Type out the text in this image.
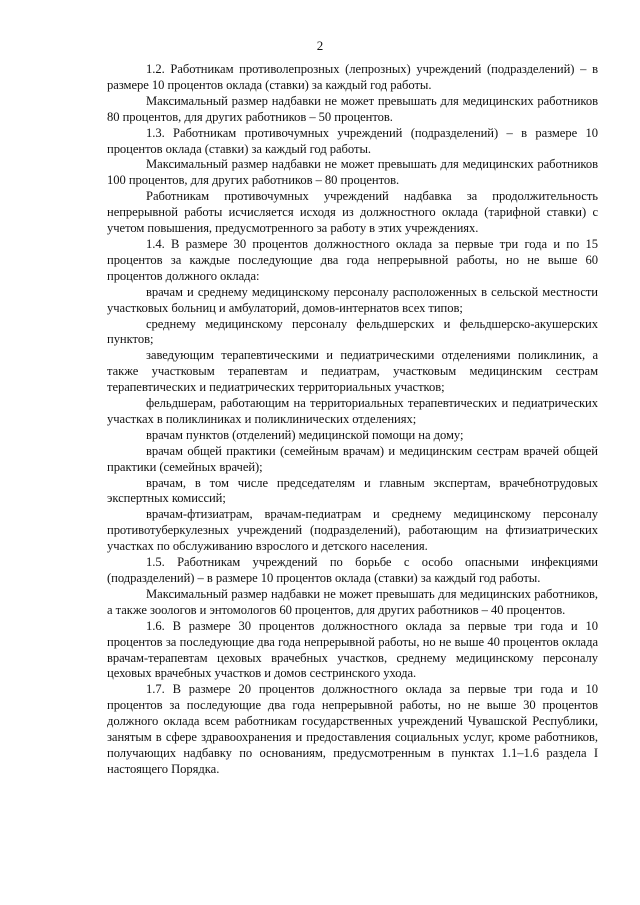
2

1.2. Работникам противолепрозных (лепрозных) учреждений (подразделений) – в размере 10 процентов оклада (ставки) за каждый год работы.

Максимальный размер надбавки не может превышать для медицинских работников 80 процентов, для других работников – 50 процентов.

1.3. Работникам противочумных учреждений (подразделений) – в размере 10 процентов оклада (ставки) за каждый год работы.

Максимальный размер надбавки не может превышать для медицинских работников 100 процентов, для других работников – 80 процентов.

Работникам противочумных учреждений надбавка за продолжительность непрерывной работы исчисляется исходя из должностного оклада (тарифной ставки) с учетом повышения, предусмотренного за работу в этих учреждениях.

1.4. В размере 30 процентов должностного оклада за первые три года и по 15 процентов за каждые последующие два года непрерывной работы, но не выше 60 процентов должного оклада:

врачам и среднему медицинскому персоналу расположенных в сельской местности участковых больниц и амбулаторий, домов-интернатов всех типов;

среднему медицинскому персоналу фельдшерских и фельдшерско-акушерских пунктов;

заведующим терапевтическими и педиатрическими отделениями поликлиник, а также участковым терапевтам и педиатрам, участковым медицинским сестрам терапевтических и педиатрических территориальных участков;

фельдшерам, работающим на территориальных терапевтических и педиатрических участках в поликлиниках и поликлинических отделениях;

врачам пунктов (отделений) медицинской помощи на дому;

врачам общей практики (семейным врачам) и медицинским сестрам врачей общей практики (семейных врачей);

врачам, в том числе председателям и главным экспертам, врачебнотрудовых экспертных комиссий;

врачам-фтизиатрам, врачам-педиатрам и среднему медицинскому персоналу противотуберкулезных учреждений (подразделений), работающим на фтизиатрических участках по обслуживанию взрослого и детского населения.

1.5. Работникам учреждений по борьбе с особо опасными инфекциями (подразделений) – в размере 10 процентов оклада (ставки) за каждый год работы.

Максимальный размер надбавки не может превышать для медицинских работников, а также зоологов и энтомологов 60 процентов, для других работников – 40 процентов.

1.6. В размере 30 процентов должностного оклада за первые три года и 10 процентов за последующие два года непрерывной работы, но не выше 40 процентов оклада врачам-терапевтам цеховых врачебных участков, среднему медицинскому персоналу цеховых врачебных участков и домов сестринского ухода.

1.7. В размере 20 процентов должностного оклада за первые три года и 10 процентов за последующие два года непрерывной работы, но не выше 30 процентов должного оклада всем работникам государственных учреждений Чувашской Республики, занятым в сфере здравоохранения и предоставления социальных услуг, кроме работников, получающих надбавку по основаниям, предусмотренным в пунктах 1.1–1.6 раздела I настоящего Порядка.
